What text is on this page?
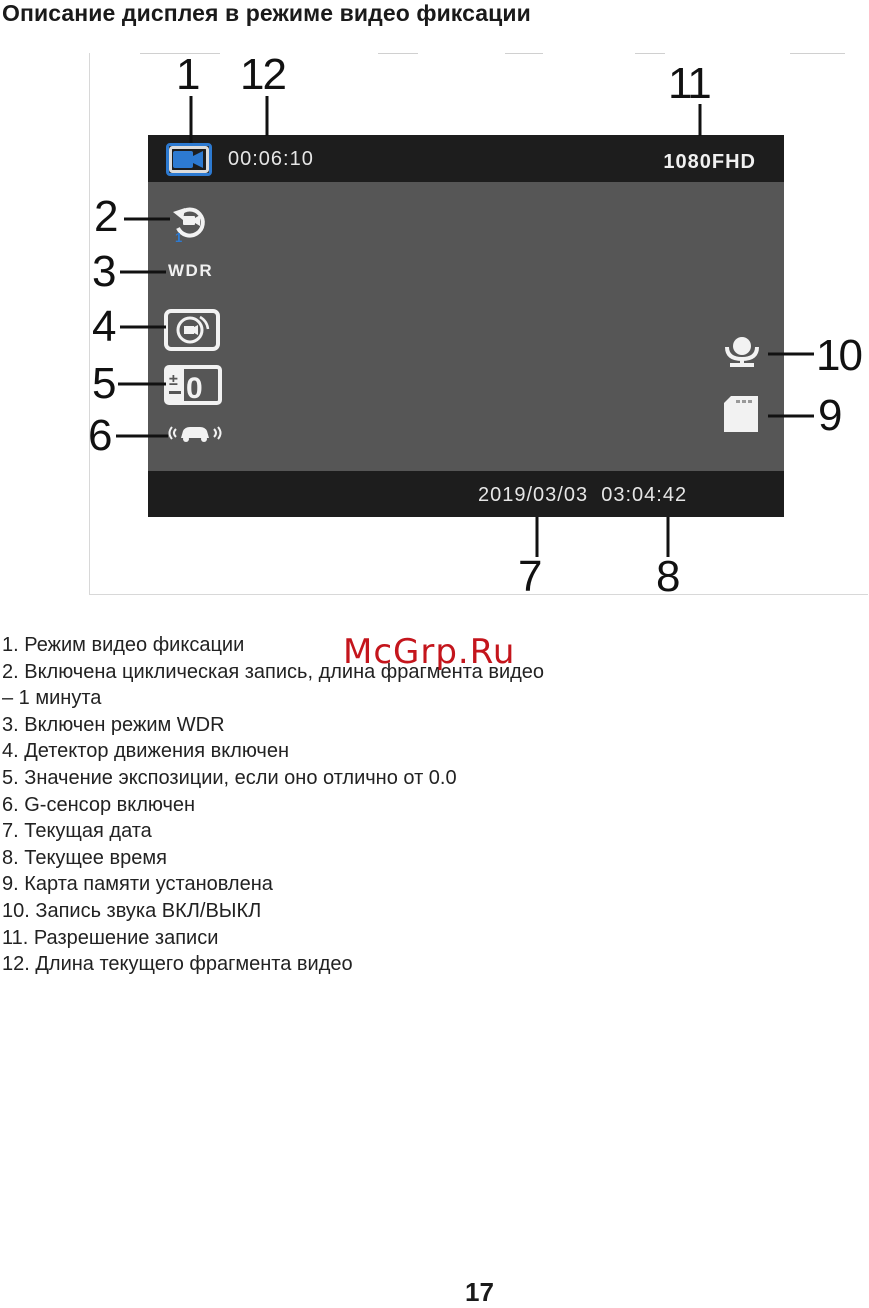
Описание дисплея в режиме видео фиксации
00:06:10	1080FHD
1
WDR
± 0
2019/03/03 03:04:42
1
2
3
4
5
6
7	8
9
10
11
12
1. Режим видео фиксации
2. Включена циклическая запись, длина фрагмента видео
– 1 минута
3. Включен режим WDR
4. Детектор движения включен
5. Значение экспозиции, если оно отлично от 0.0
6. G-сенсор включен
7. Текущая дата
8. Текущее время
9. Карта памяти установлена
10. Запись звука ВКЛ/ВЫКЛ
11. Разрешение записи
12. Длина текущего фрагмента видео
McGrp.Ru
17
